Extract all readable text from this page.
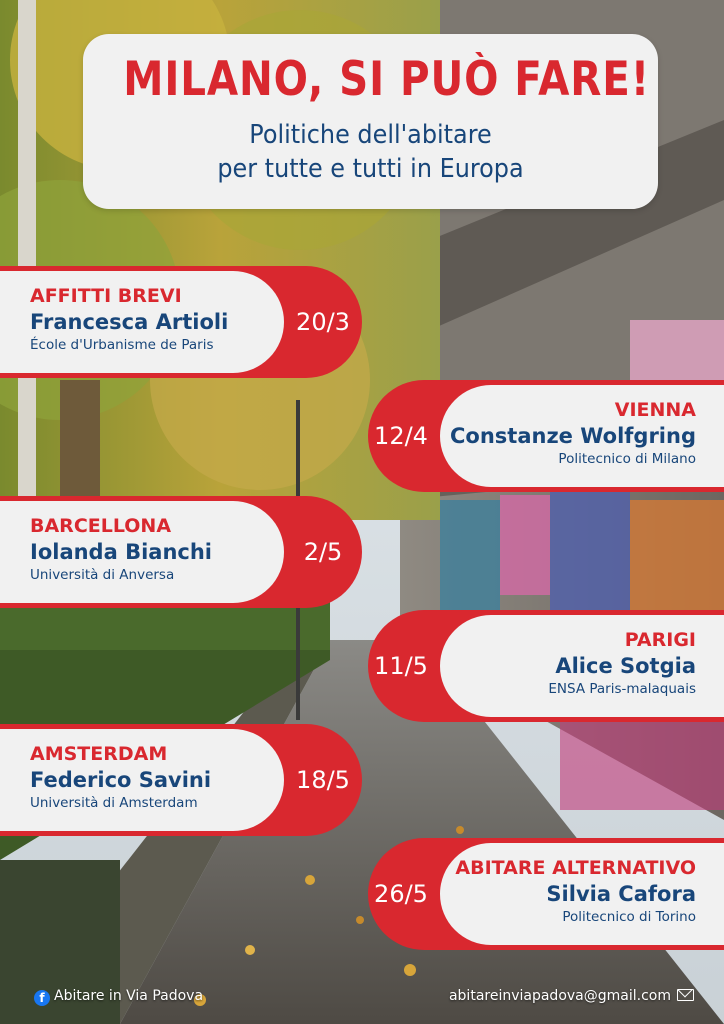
MILANO, SI PUÒ FARE!
Politiche dell'abitare
per tutte e tutti in Europa
AFFITTI BREVI
Francesca Artioli
École d'Urbanisme de Paris
20/3
VIENNA
Constanze Wolfgring
Politecnico di Milano
12/4
BARCELLONA
Iolanda Bianchi
Università di Anversa
2/5
PARIGI
Alice Sotgia
ENSA Paris-malaquais
11/5
AMSTERDAM
Federico Savini
Università di Amsterdam
18/5
ABITARE ALTERNATIVO
Silvia Cafora
Politecnico di Torino
26/5
f Abitare in Via Padova	abitareinviapadova@gmail.com
